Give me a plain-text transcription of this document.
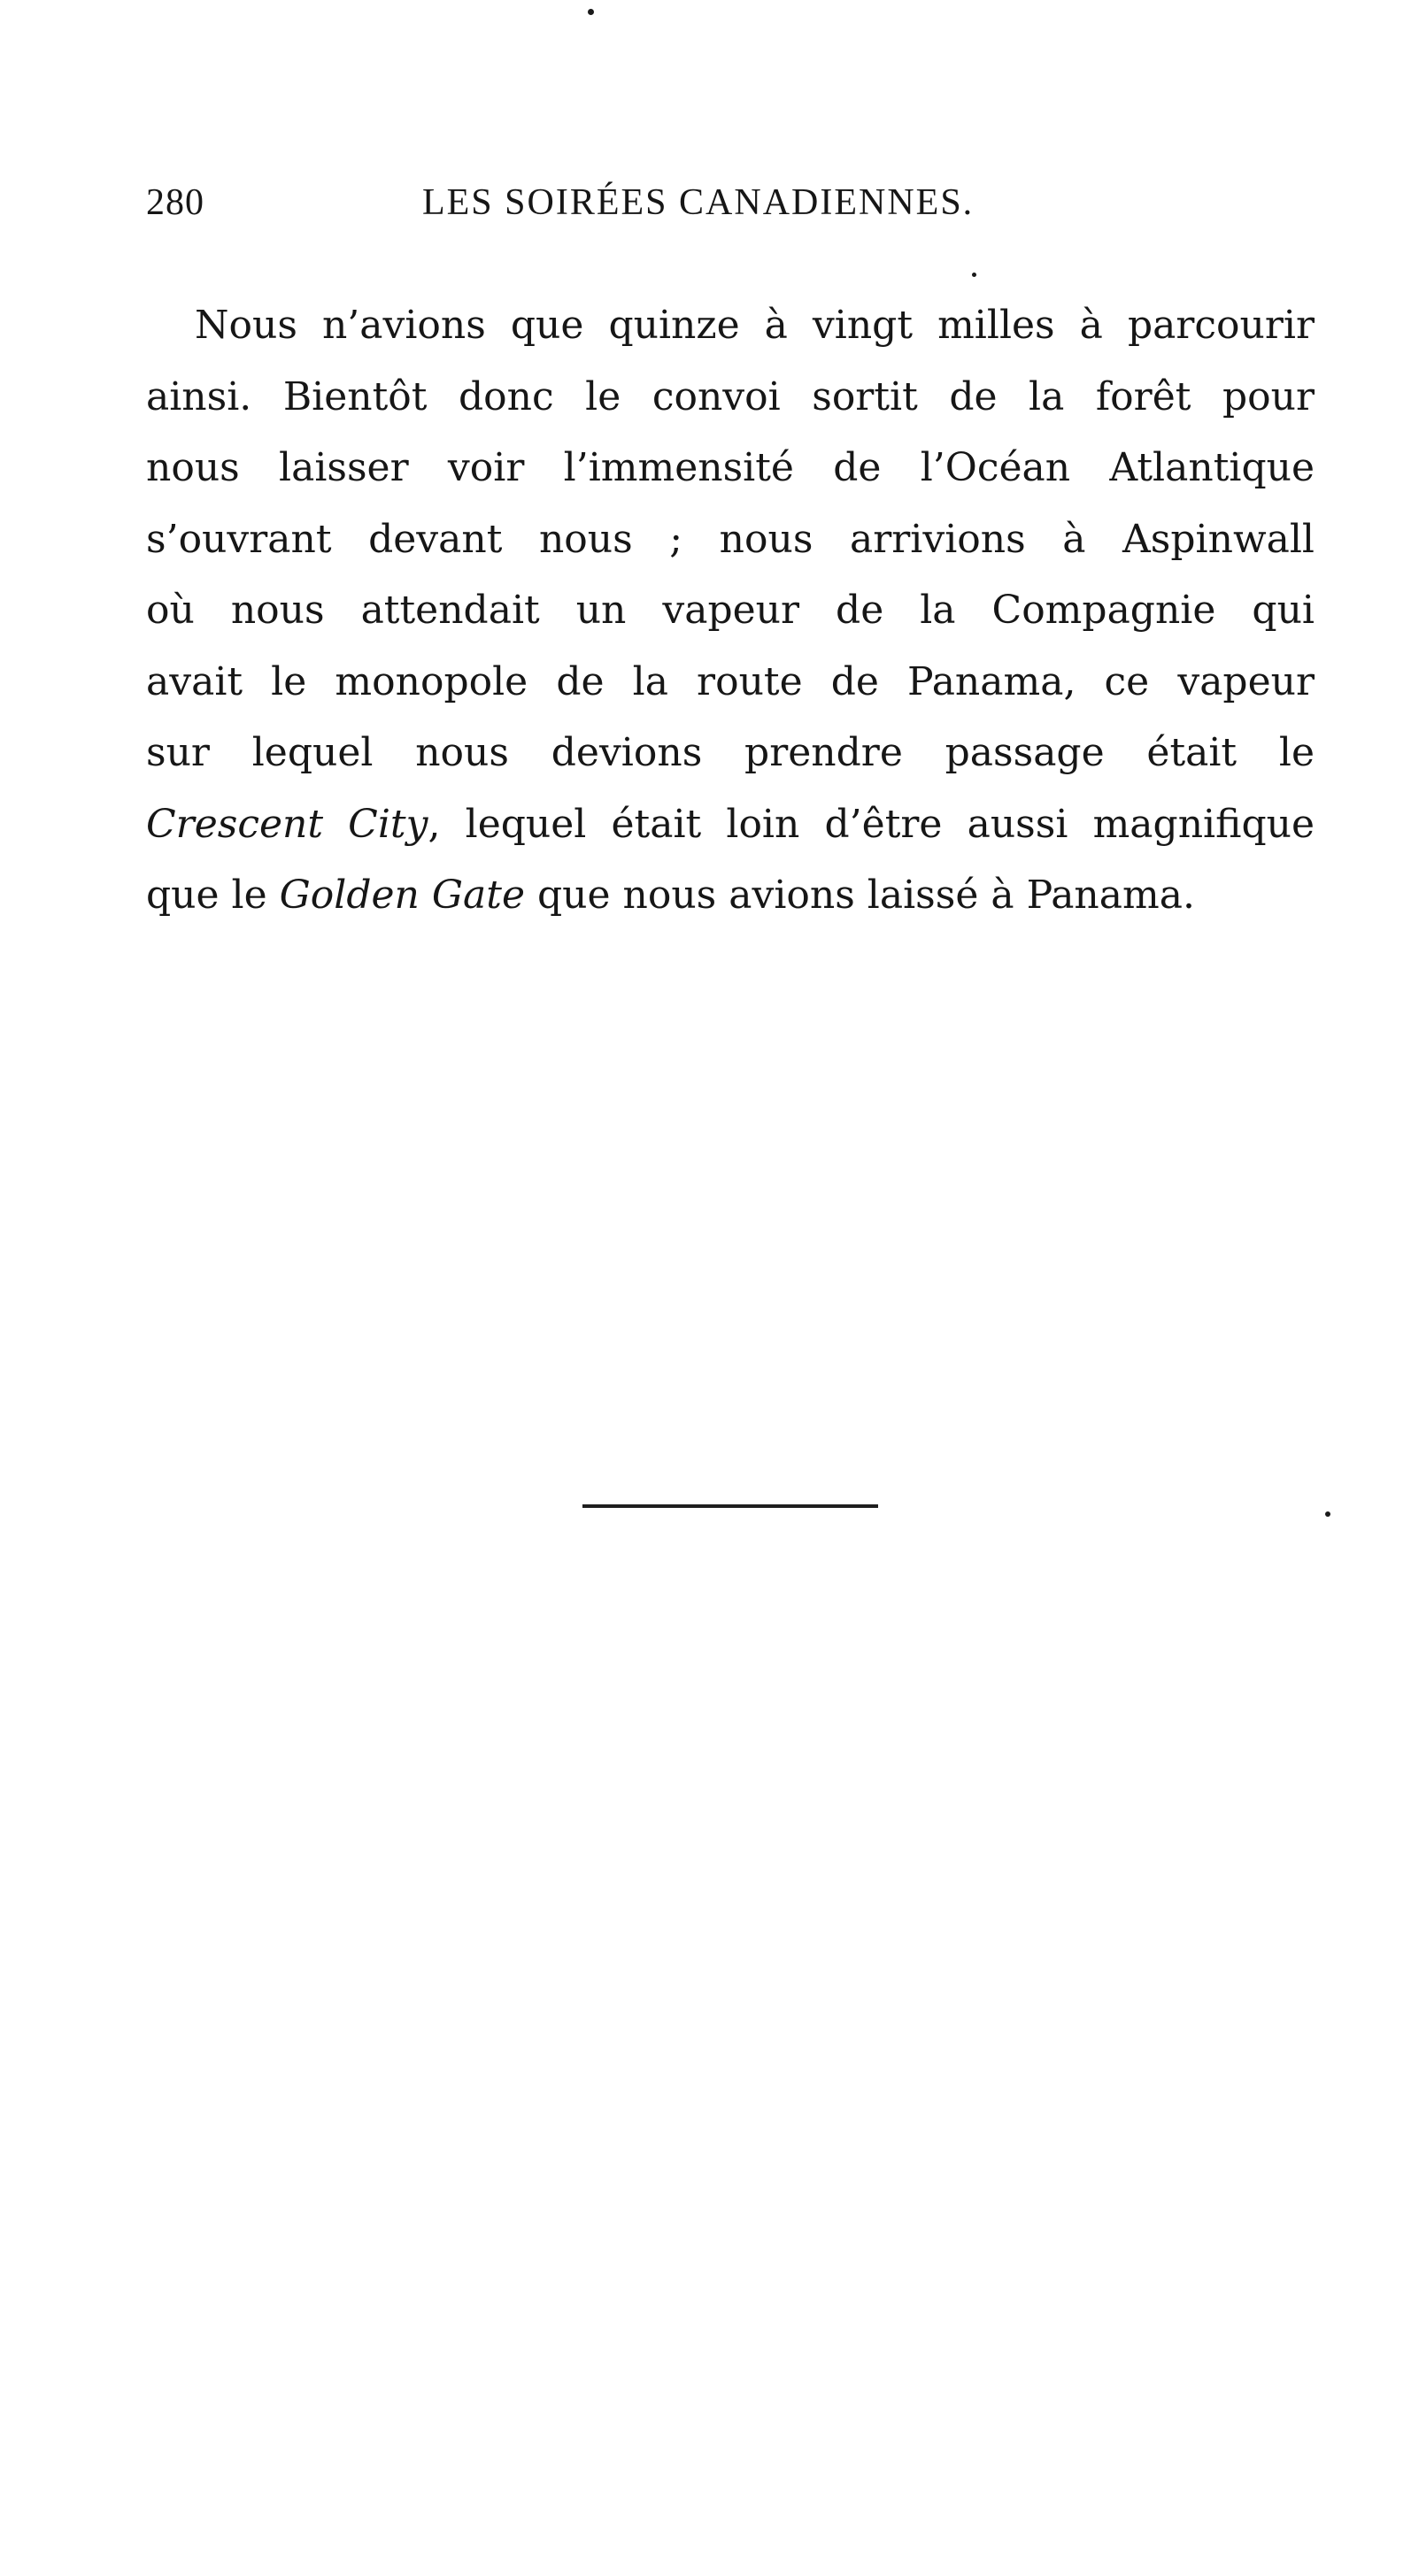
280	LES SOIRÉES CANADIENNES.
Nous n’avions que quinze à vingt milles à parcourir
ainsi. Bientôt donc le convoi sortit de la forêt pour
nous laisser voir l’immensité de l’Océan Atlantique
s’ouvrant devant nous ; nous arrivions à Aspinwall
où nous attendait un vapeur de la Compagnie qui
avait le monopole de la route de Panama, ce vapeur
sur lequel nous devions prendre passage était le
Crescent City, lequel était loin d’être aussi magnifique
que le Golden Gate que nous avions laissé à Panama.
